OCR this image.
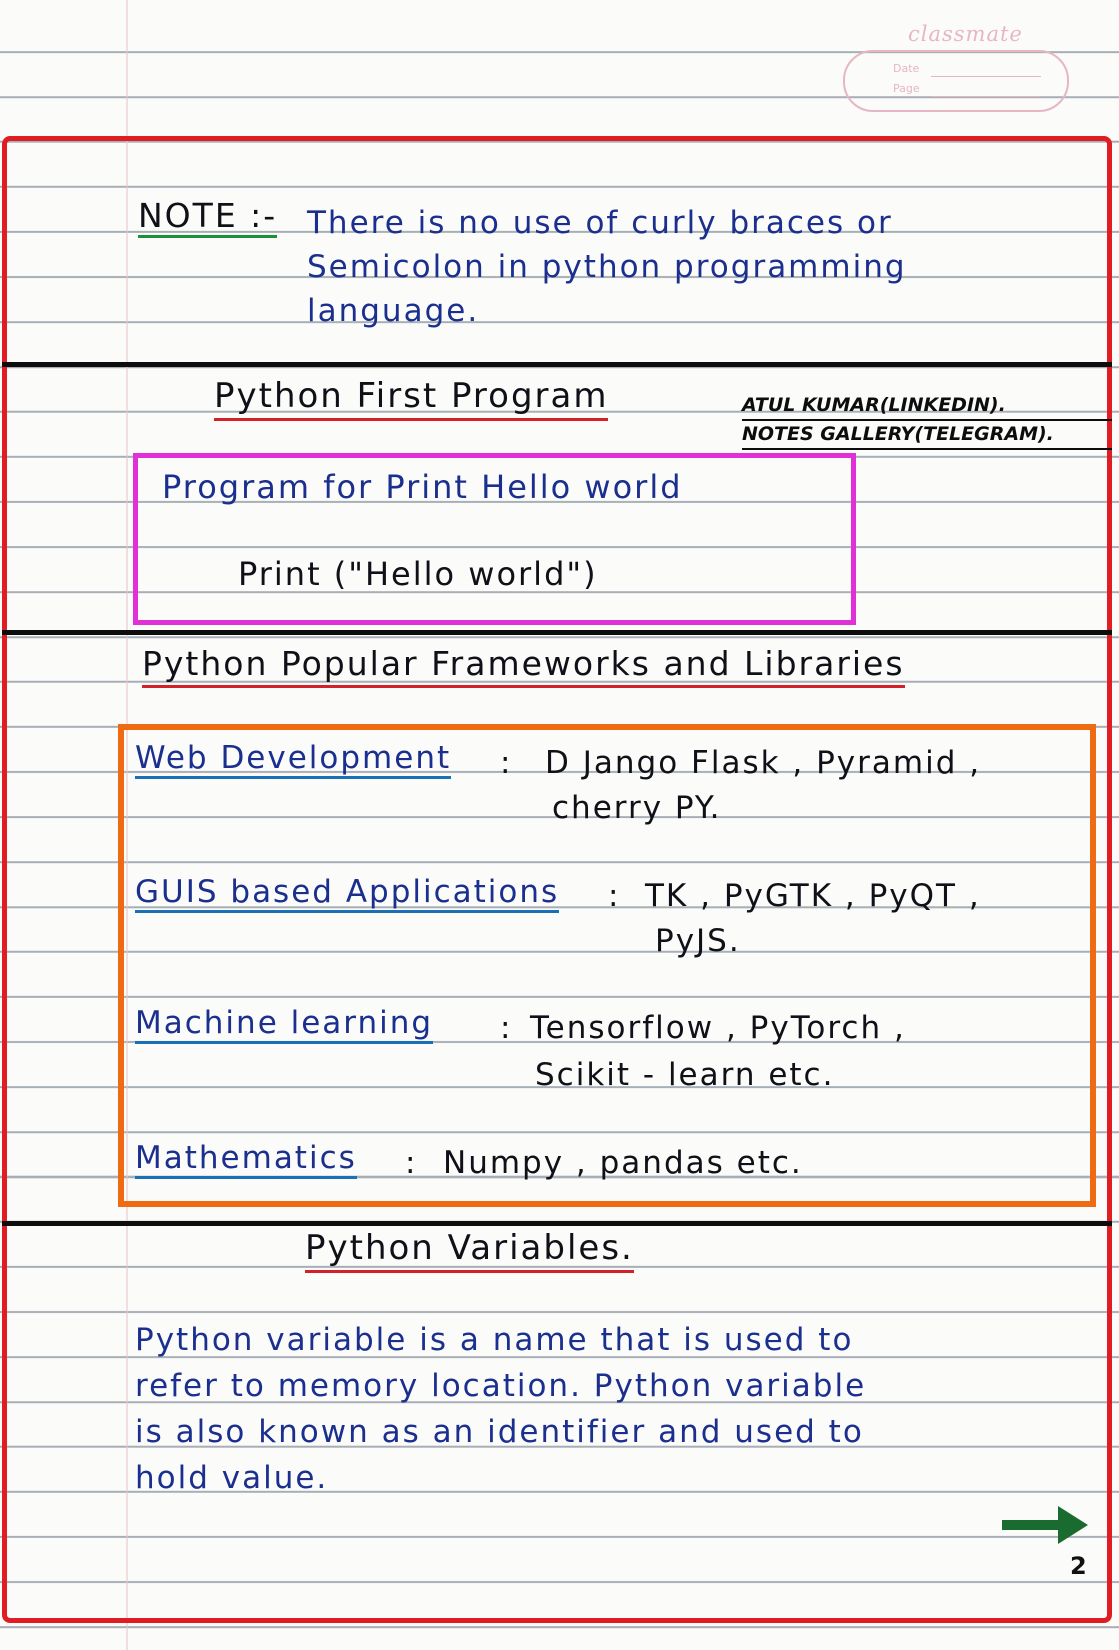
classmate
Date
Page
NOTE :- There is no use of curly braces or
Semicolon in python programming
language.
Python First Program	ATUL KUMAR(LINKEDIN).
NOTES GALLERY(TELEGRAM).
Program for Print Hello world
Print ("Hello world")
Python Popular Frameworks and Libraries
Web Development : D Jango Flask , Pyramid ,
cherry PY.
GUIS based Applications : TK , PyGTK , PyQT ,
PyJS.
Machine learning : Tensorflow , PyTorch ,
Scikit - learn etc.
Mathematics : Numpy , pandas etc.
Python Variables.
Python variable is a name that is used to
refer to memory location. Python variable
is also known as an identifier and used to
hold value.
2
